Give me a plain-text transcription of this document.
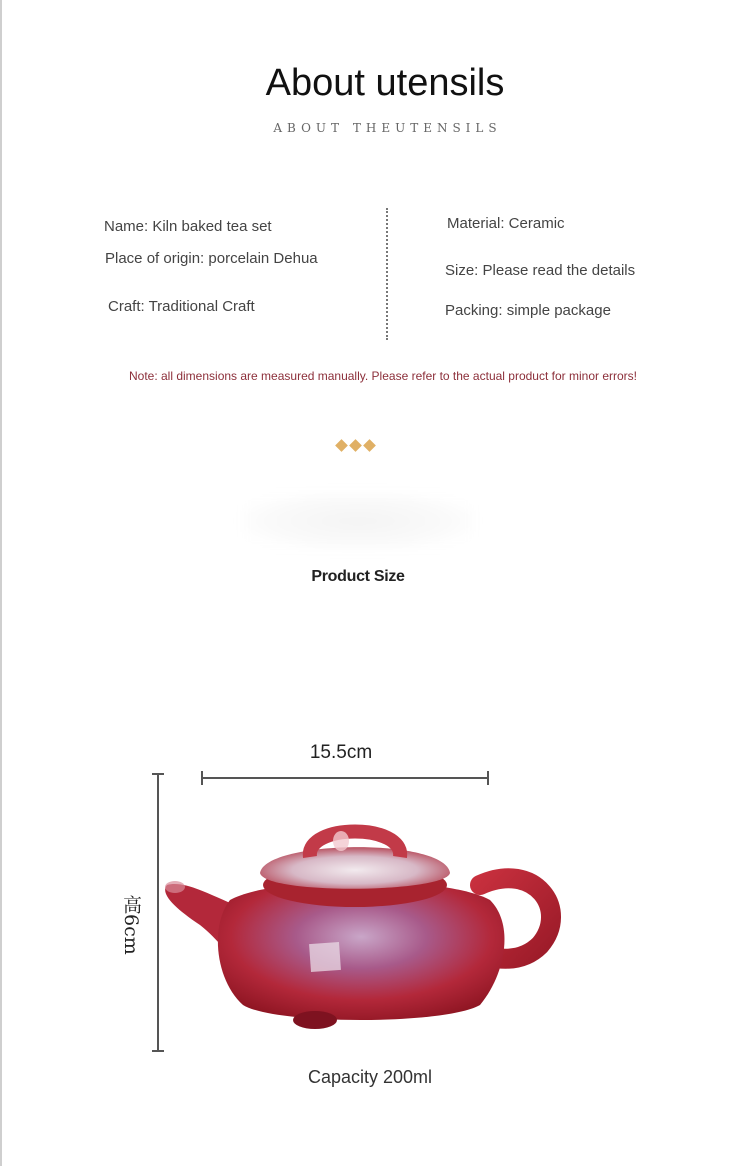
About utensils
ABOUT THEUTENSILS
Name: Kiln baked tea set
Place of origin: porcelain Dehua
Craft: Traditional Craft
Material: Ceramic
Size: Please read the details
Packing: simple package
Note: all dimensions are measured manually. Please refer to the actual product for minor errors!
Product Size
15.5cm
高6cm
Capacity 200ml
